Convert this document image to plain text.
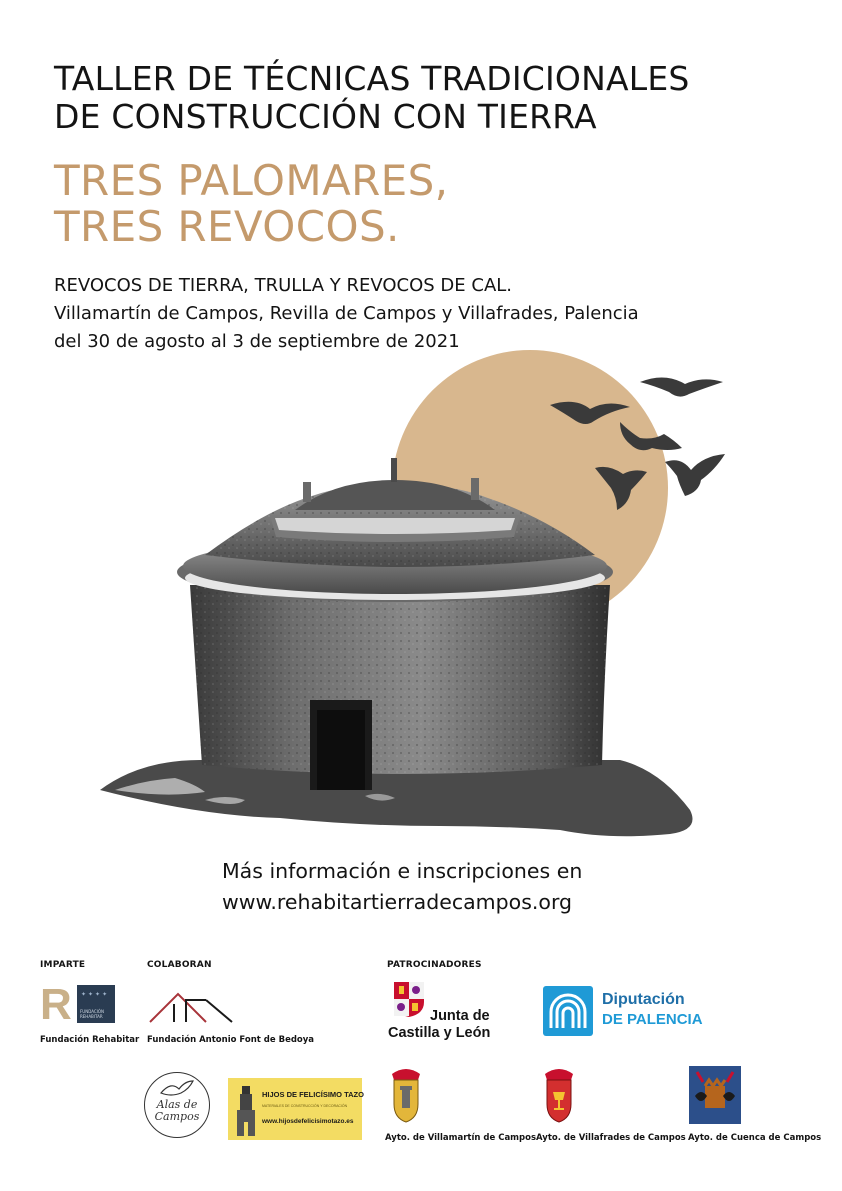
TALLER DE TÉCNICAS TRADICIONALES
DE CONSTRUCCIÓN CON TIERRA
TRES PALOMARES,
TRES REVOCOS.
REVOCOS DE TIERRA, TRULLA Y REVOCOS DE CAL.
Villamartín de Campos, Revilla de Campos y Villafrades, Palencia
del 30 de agosto al 3 de septiembre de 2021
Más información e inscripciones en
www.rehabitartierradecampos.org
IMPARTE	COLABORAN	PATROCINADORES
R ✦✦✦✦
FUNDACIÓN REHABITAR
Fundación Rehabitar Fundación Antonio Font de Bedoya
Junta de
Castilla y León
Diputación
DE PALENCIA
Alas de Campos
HIJOS DE FELICÍSIMO TAZO
MATERIALES DE CONSTRUCCIÓN Y DECORACIÓN
www.hijosdefelicisimotazo.es
Ayto. de Villamartín de Campos Ayto. de Villafrades de Campos Ayto. de Cuenca de Campos
